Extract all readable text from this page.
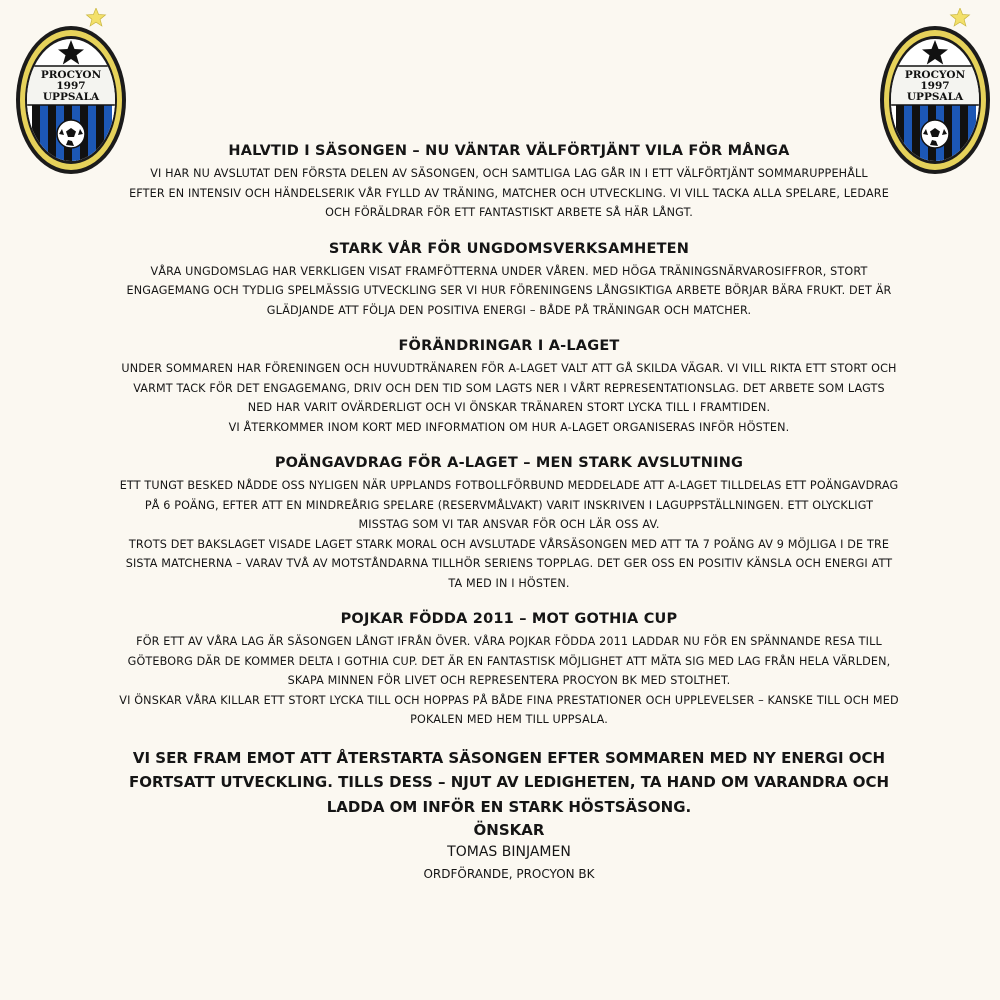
PROCYON
1997
UPPSALA
PROCYON
1997
UPPSALA
HALVTID I SÄSONGEN – NU VÄNTAR VÄLFÖRTJÄNT VILA FÖR MÅNGA

VI HAR NU AVSLUTAT DEN FÖRSTA DELEN AV SÄSONGEN, OCH SAMTLIGA LAG GÅR IN I ETT VÄLFÖRTJÄNT SOMMARUPPEHÅLL
EFTER EN INTENSIV OCH HÄNDELSERIK VÅR FYLLD AV TRÄNING, MATCHER OCH UTVECKLING. VI VILL TACKA ALLA SPELARE, LEDARE
OCH FÖRÄLDRAR FÖR ETT FANTASTISKT ARBETE SÅ HÄR LÅNGT.

STARK VÅR FÖR UNGDOMSVERKSAMHETEN

VÅRA UNGDOMSLAG HAR VERKLIGEN VISAT FRAMFÖTTERNA UNDER VÅREN. MED HÖGA TRÄNINGSNÄRVAROSIFFROR, STORT
ENGAGEMANG OCH TYDLIG SPELMÄSSIG UTVECKLING SER VI HUR FÖRENINGENS LÅNGSIKTIGA ARBETE BÖRJAR BÄRA FRUKT. DET ÄR
GLÄDJANDE ATT FÖLJA DEN POSITIVA ENERGI – BÅDE PÅ TRÄNINGAR OCH MATCHER.

FÖRÄNDRINGAR I A-LAGET

UNDER SOMMAREN HAR FÖRENINGEN OCH HUVUDTRÄNAREN FÖR A-LAGET VALT ATT GÅ SKILDA VÄGAR. VI VILL RIKTA ETT STORT OCH
VARMT TACK FÖR DET ENGAGEMANG, DRIV OCH DEN TID SOM LAGTS NER I VÅRT REPRESENTATIONSLAG. DET ARBETE SOM LAGTS
NED HAR VARIT OVÄRDERLIGT OCH VI ÖNSKAR TRÄNAREN STORT LYCKA TILL I FRAMTIDEN.
VI ÅTERKOMMER INOM KORT MED INFORMATION OM HUR A-LAGET ORGANISERAS INFÖR HÖSTEN.

POÄNGAVDRAG FÖR A-LAGET – MEN STARK AVSLUTNING

ETT TUNGT BESKED NÅDDE OSS NYLIGEN NÄR UPPLANDS FOTBOLLFÖRBUND MEDDELADE ATT A-LAGET TILLDELAS ETT POÄNGAVDRAG
PÅ 6 POÄNG, EFTER ATT EN MINDREÅRIG SPELARE (RESERVMÅLVAKT) VARIT INSKRIVEN I LAGUPPSTÄLLNINGEN. ETT OLYCKLIGT
MISSTAG SOM VI TAR ANSVAR FÖR OCH LÄR OSS AV.
TROTS DET BAKSLAGET VISADE LAGET STARK MORAL OCH AVSLUTADE VÅRSÄSONGEN MED ATT TA 7 POÄNG AV 9 MÖJLIGA I DE TRE
SISTA MATCHERNA – VARAV TVÅ AV MOTSTÅNDARNA TILLHÖR SERIENS TOPPLAG. DET GER OSS EN POSITIV KÄNSLA OCH ENERGI ATT
TA MED IN I HÖSTEN.

POJKAR FÖDDA 2011 – MOT GOTHIA CUP

FÖR ETT AV VÅRA LAG ÄR SÄSONGEN LÅNGT IFRÅN ÖVER. VÅRA POJKAR FÖDDA 2011 LADDAR NU FÖR EN SPÄNNANDE RESA TILL
GÖTEBORG DÄR DE KOMMER DELTA I GOTHIA CUP. DET ÄR EN FANTASTISK MÖJLIGHET ATT MÄTA SIG MED LAG FRÅN HELA VÄRLDEN,
SKAPA MINNEN FÖR LIVET OCH REPRESENTERA PROCYON BK MED STOLTHET.
VI ÖNSKAR VÅRA KILLAR ETT STORT LYCKA TILL OCH HOPPAS PÅ BÅDE FINA PRESTATIONER OCH UPPLEVELSER – KANSKE TILL OCH MED
POKALEN MED HEM TILL UPPSALA.

VI SER FRAM EMOT ATT ÅTERSTARTA SÄSONGEN EFTER SOMMAREN MED NY ENERGI OCH FORTSATT UTVECKLING. TILLS DESS – NJUT AV LEDIGHETEN, TA HAND OM VARANDRA OCH LADDA OM INFÖR EN STARK HÖSTSÄSONG.

ÖNSKAR

TOMAS BINJAMEN

ORDFÖRANDE, PROCYON BK
